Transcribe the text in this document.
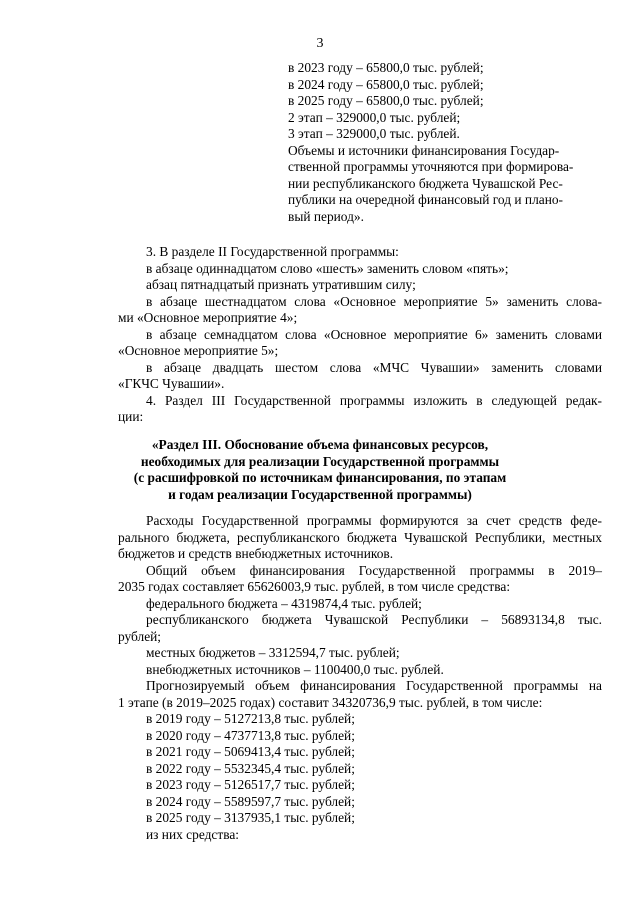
3
в 2023 году – 65800,0 тыс. рублей;
в 2024 году – 65800,0 тыс. рублей;
в 2025 году – 65800,0 тыс. рублей;
2 этап – 329000,0 тыс. рублей;
3 этап – 329000,0 тыс. рублей.
Объемы и источники финансирования Государ-
ственной программы уточняются при формирова-
нии республиканского бюджета Чувашской Рес-
публики на очередной финансовый год и плано-
вый период».
3. В разделе II Государственной программы:
в абзаце одиннадцатом слово «шесть» заменить словом «пять»;
абзац пятнадцатый признать утратившим силу;
в абзаце шестнадцатом слова «Основное мероприятие 5» заменить слова-
ми «Основное мероприятие 4»;
в абзаце семнадцатом слова «Основное мероприятие 6» заменить словами
«Основное мероприятие 5»;
в абзаце двадцать шестом слова «МЧС Чувашии» заменить словами
«ГКЧС Чувашии».
4. Раздел III Государственной программы изложить в следующей редак-
ции:
«Раздел III. Обоснование объема финансовых ресурсов,
необходимых для реализации Государственной программы
(с расшифровкой по источникам финансирования, по этапам
и годам реализации Государственной программы)
Расходы Государственной программы формируются за счет средств феде-
рального бюджета, республиканского бюджета Чувашской Республики, местных
бюджетов и средств внебюджетных источников.
Общий объем финансирования Государственной программы в 2019–
2035 годах составляет 65626003,9 тыс. рублей, в том числе средства:
федерального бюджета – 4319874,4 тыс. рублей;
республиканского бюджета Чувашской Республики – 56893134,8 тыс.
рублей;
местных бюджетов – 3312594,7 тыс. рублей;
внебюджетных источников – 1100400,0 тыс. рублей.
Прогнозируемый объем финансирования Государственной программы на
1 этапе (в 2019–2025 годах) составит 34320736,9 тыс. рублей, в том числе:
в 2019 году – 5127213,8 тыс. рублей;
в 2020 году – 4737713,8 тыс. рублей;
в 2021 году – 5069413,4 тыс. рублей;
в 2022 году – 5532345,4 тыс. рублей;
в 2023 году – 5126517,7 тыс. рублей;
в 2024 году – 5589597,7 тыс. рублей;
в 2025 году – 3137935,1 тыс. рублей;
из них средства:
